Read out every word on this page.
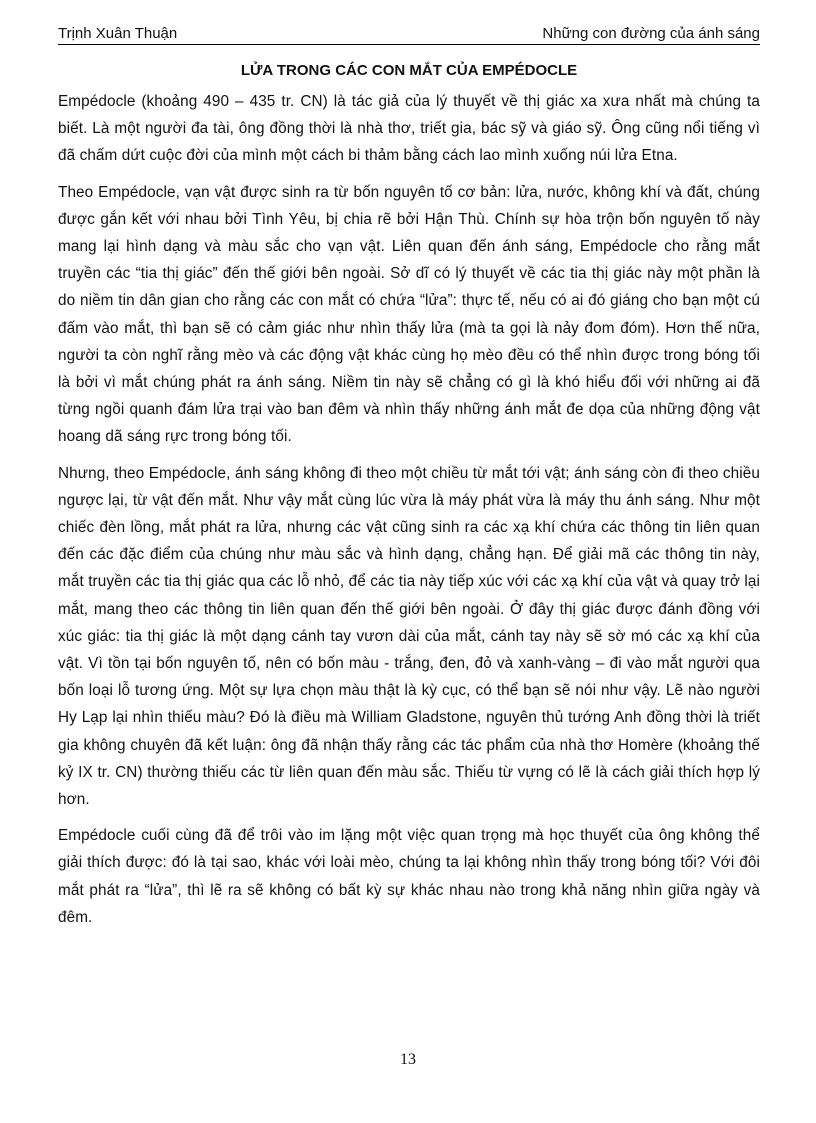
Trịnh Xuân Thuận	Những con đường của ánh sáng
LỬA TRONG CÁC CON MẮT CỦA EMPÉDOCLE

Empédocle (khoảng 490 – 435 tr. CN) là tác giả của lý thuyết về thị giác xa xưa nhất mà chúng ta biết. Là một người đa tài, ông đồng thời là nhà thơ, triết gia, bác sỹ và giáo sỹ. Ông cũng nổi tiếng vì đã chấm dứt cuộc đời của mình một cách bi thảm bằng cách lao mình xuống núi lửa Etna.

Theo Empédocle, vạn vật được sinh ra từ bốn nguyên tố cơ bản: lửa, nước, không khí và đất, chúng được gắn kết với nhau bởi Tình Yêu, bị chia rẽ bởi Hận Thù. Chính sự hòa trộn bốn nguyên tố này mang lại hình dạng và màu sắc cho vạn vật. Liên quan đến ánh sáng, Empédocle cho rằng mắt truyền các “tia thị giác” đến thế giới bên ngoài. Sở dĩ có lý thuyết về các tia thị giác này một phần là do niềm tin dân gian cho rằng các con mắt có chứa “lửa”: thực tế, nếu có ai đó giáng cho bạn một cú đấm vào mắt, thì bạn sẽ có cảm giác như nhìn thấy lửa (mà ta gọi là nảy đom đóm). Hơn thế nữa, người ta còn nghĩ rằng mèo và các động vật khác cùng họ mèo đều có thể nhìn được trong bóng tối là bởi vì mắt chúng phát ra ánh sáng. Niềm tin này sẽ chẳng có gì là khó hiểu đối với những ai đã từng ngồi quanh đám lửa trại vào ban đêm và nhìn thấy những ánh mắt đe dọa của những động vật hoang dã sáng rực trong bóng tối.

Nhưng, theo Empédocle, ánh sáng không đi theo một chiều từ mắt tới vật; ánh sáng còn đi theo chiều ngược lại, từ vật đến mắt. Như vậy mắt cùng lúc vừa là máy phát vừa là máy thu ánh sáng. Như một chiếc đèn lồng, mắt phát ra lửa, nhưng các vật cũng sinh ra các xạ khí chứa các thông tin liên quan đến các đặc điểm của chúng như màu sắc và hình dạng, chẳng hạn. Để giải mã các thông tin này, mắt truyền các tia thị giác qua các lỗ nhỏ, để các tia này tiếp xúc với các xạ khí của vật và quay trở lại mắt, mang theo các thông tin liên quan đến thế giới bên ngoài. Ở đây thị giác được đánh đồng với xúc giác: tia thị giác là một dạng cánh tay vươn dài của mắt, cánh tay này sẽ sờ mó các xạ khí của vật. Vì tồn tại bốn nguyên tố, nên có bốn màu - trắng, đen, đỏ và xanh-vàng – đi vào mắt người qua bốn loại lỗ tương ứng. Một sự lựa chọn màu thật là kỳ cục, có thể bạn sẽ nói như vậy. Lẽ nào người Hy Lạp lại nhìn thiếu màu? Đó là điều mà William Gladstone, nguyên thủ tướng Anh đồng thời là triết gia không chuyên đã kết luận: ông đã nhận thấy rằng các tác phẩm của nhà thơ Homère (khoảng thế kỷ IX tr. CN) thường thiếu các từ liên quan đến màu sắc. Thiếu từ vựng có lẽ là cách giải thích hợp lý hơn.

Empédocle cuối cùng đã để trôi vào im lặng một việc quan trọng mà học thuyết của ông không thể giải thích được: đó là tại sao, khác với loài mèo, chúng ta lại không nhìn thấy trong bóng tối? Với đôi mắt phát ra “lửa”, thì lẽ ra sẽ không có bất kỳ sự khác nhau nào trong khả năng nhìn giữa ngày và đêm.

13
